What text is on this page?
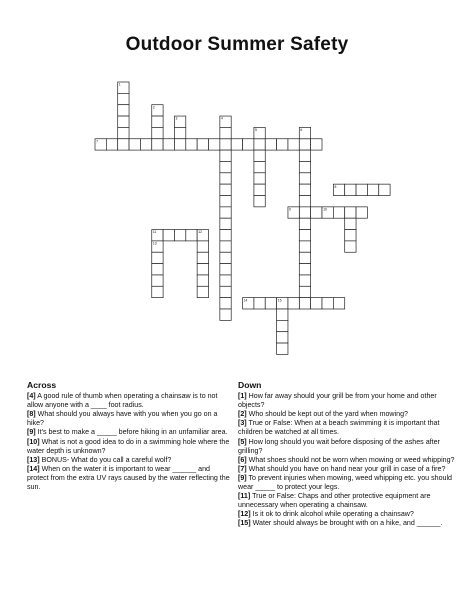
Outdoor Summer Safety
1
2
3	4
5	6
7
8
9	10
11	12
13
14	15
Across
[4] A good rule of thumb when operating a chainsaw is to not allow anyone with a ____ foot radius.
[8] What should you always have with you when you go on a hike?
[9] It's best to make a _____ before hiking in an unfamiliar area.
[10] What is not a good idea to do in a swimming hole where the water depth is unknown?
[13] BONUS- What do you call a careful wolf?
[14] When on the water it is important to wear ______ and protect from the extra UV rays caused by the water reflecting the sun.
Down
[1] How far away should your grill be from your home and other objects?
[2] Who should be kept out of the yard when mowing?
[3] True or False: When at a beach swimming it is important that children be watched at all times.
[5] How long should you wait before disposing of the ashes after grilling?
[6] What shoes should not be worn when mowing or weed whipping?
[7] What should you have on hand near your grill in case of a fire?
[9] To prevent injuries when mowing, weed whipping etc. you should wear _____ to protect your legs.
[11] True or False: Chaps and other protective equipment are unnecessary when operating a chainsaw.
[12] Is it ok to drink alcohol while operating a chainsaw?
[15] Water should always be brought with on a hike, and ______.
